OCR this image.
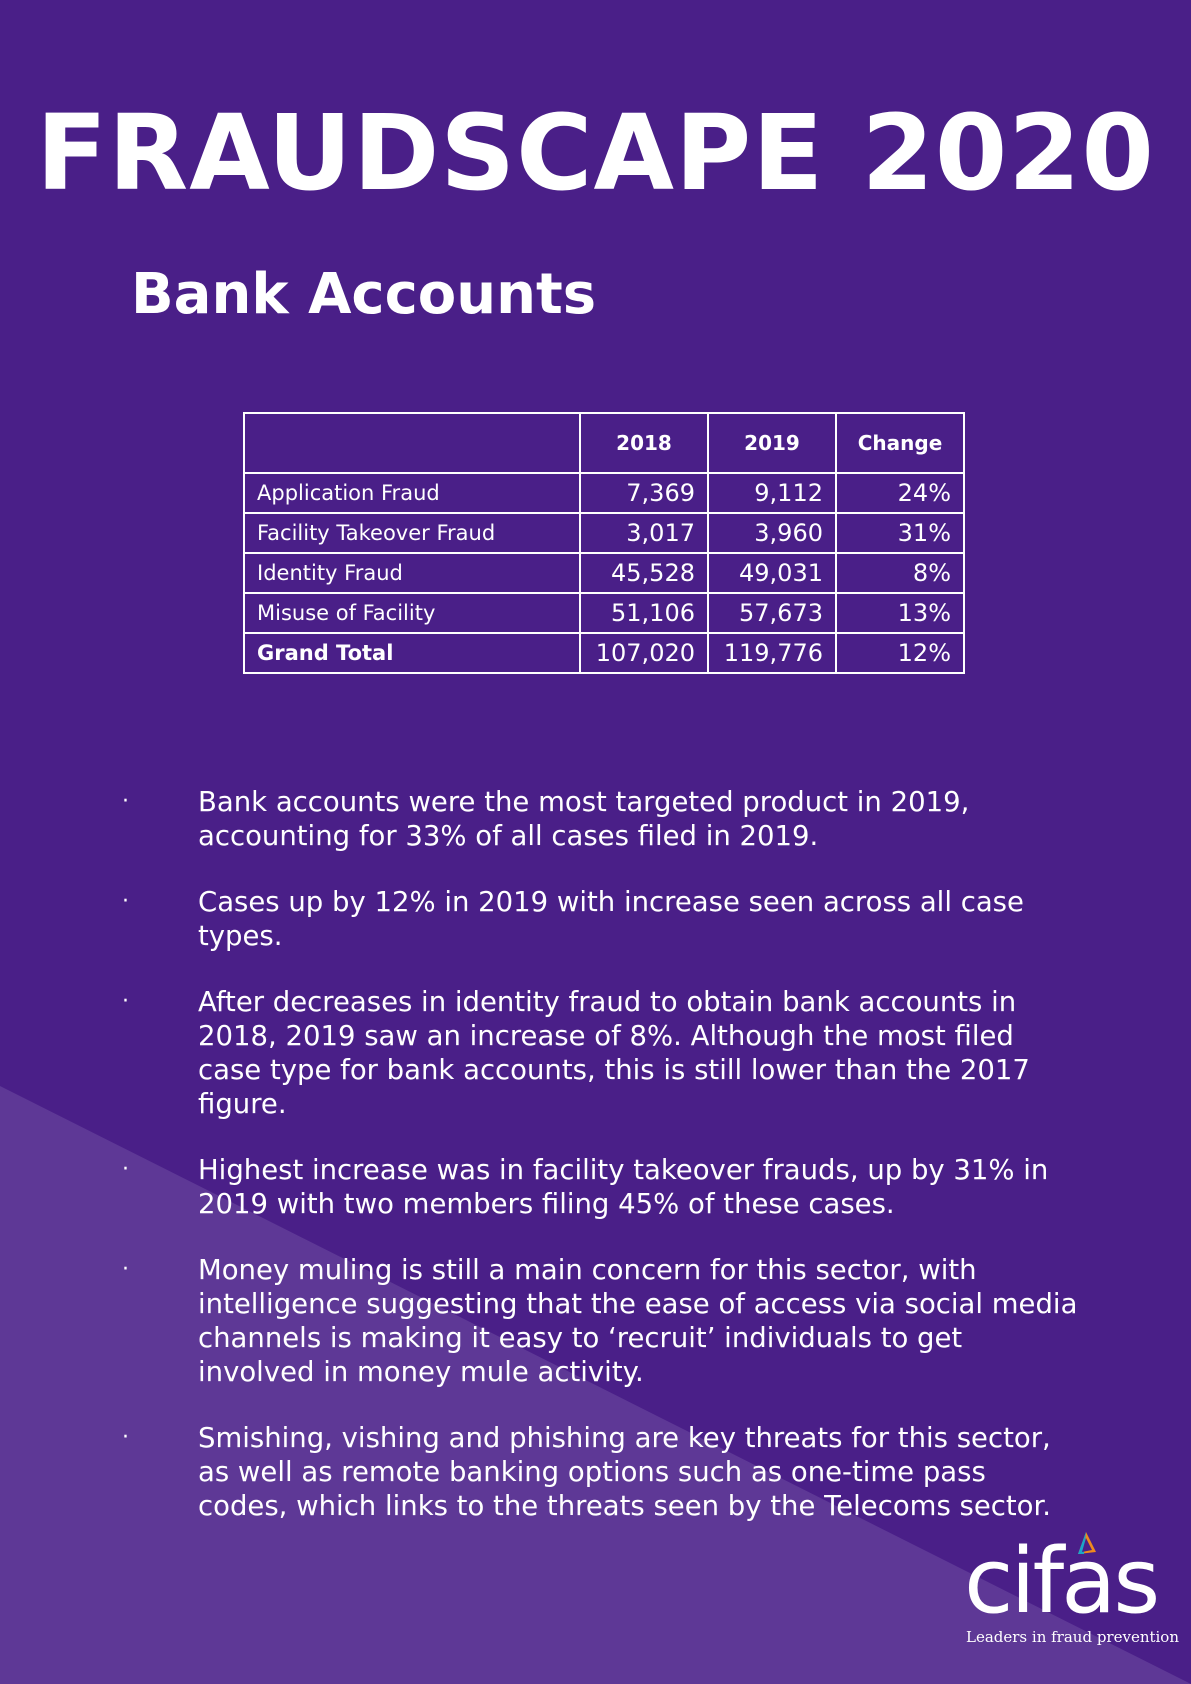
FRAUDSCAPE 2020
Bank Accounts
	2018	2019	Change
Application Fraud	7,369	9,112	24%
Facility Takeover Fraud	3,017	3,960	31%
Identity Fraud	45,528	49,031	8%
Misuse of Facility	51,106	57,673	13%
Grand Total	107,020	119,776	12%
·	Bank accounts were the most targeted product in 2019, accounting for 33% of all cases filed in 2019.
·	Cases up by 12% in 2019 with increase seen across all case types.
·	After decreases in identity fraud to obtain bank accounts in 2018, 2019 saw an increase of 8%. Although the most filed case type for bank accounts, this is still lower than the 2017 figure.
·	Highest increase was in facility takeover frauds, up by 31% in 2019 with two members filing 45% of these cases.
·	Money muling is still a main concern for this sector, with intelligence suggesting that the ease of access via social media channels is making it easy to ‘recruit’ individuals to get involved in money mule activity.
·	Smishing, vishing and phishing are key threats for this sector, as well as remote banking options such as one-time pass codes, which links to the threats seen by the Telecoms sector.
cifas
Leaders in fraud prevention
